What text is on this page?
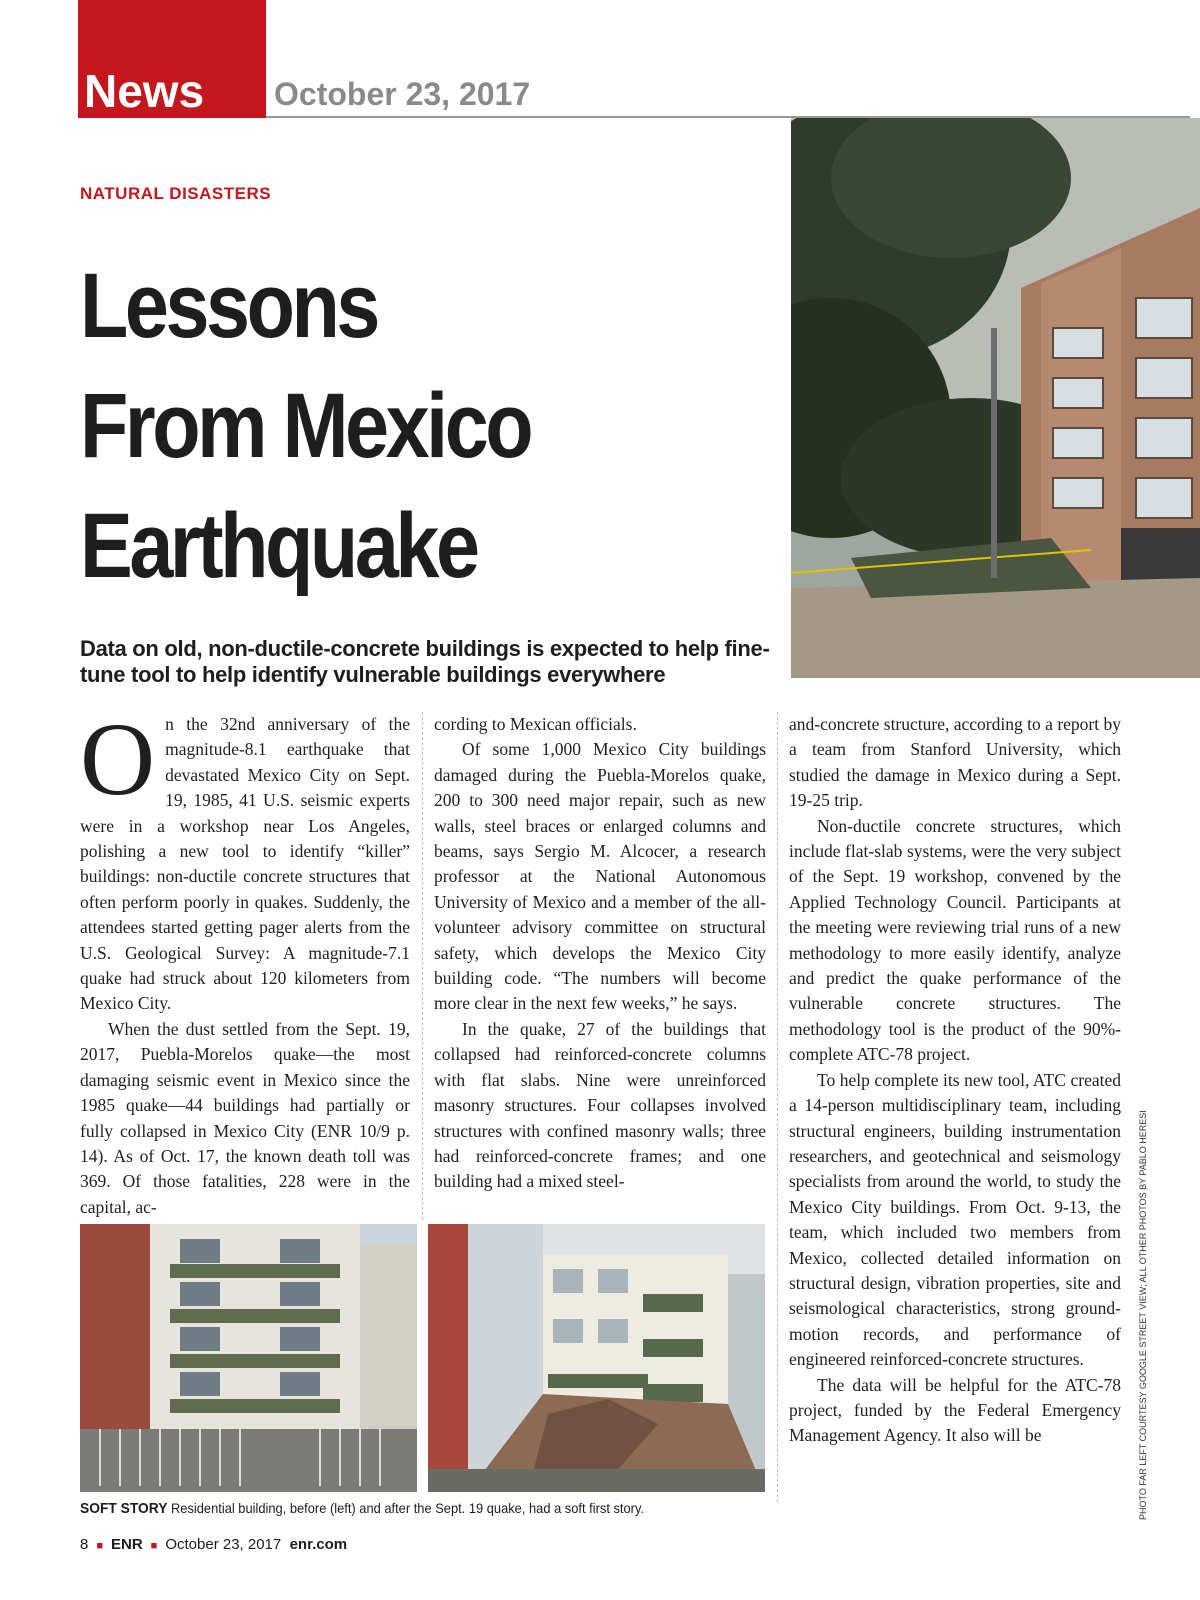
News October 23, 2017
NATURAL DISASTERS
Lessons
From Mexico
Earthquake
Data on old, non-ductile-concrete buildings is expected to help fine-tune tool to help identify vulnerable buildings everywhere
O n the 32nd anniversary of the magnitude-8.1 earthquake that devastated Mexico City on Sept. 19, 1985, 41 U.S. seismic experts were in a workshop near Los Angeles, polishing a new tool to identify “killer” buildings: non-ductile concrete structures that often perform poorly in quakes. Suddenly, the attendees started getting pager alerts from the U.S. Geological Survey: A magnitude-7.1 quake had struck about 120 kilometers from Mexico City.

When the dust settled from the Sept. 19, 2017, Puebla-Morelos quake—the most damaging seismic event in Mexico since the 1985 quake—44 buildings had partially or fully collapsed in Mexico City (ENR 10/9 p. 14). As of Oct. 17, the known death toll was 369. Of those fatalities, 228 were in the capital, ac-

cording to Mexican officials.

Of some 1,000 Mexico City buildings damaged during the Puebla-Morelos quake, 200 to 300 need major repair, such as new walls, steel braces or enlarged columns and beams, says Sergio M. Alcocer, a research professor at the National Autonomous University of Mexico and a member of the all-volunteer advisory committee on structural safety, which develops the Mexico City building code. “The numbers will become more clear in the next few weeks,” he says.

In the quake, 27 of the buildings that collapsed had reinforced-concrete columns with flat slabs. Nine were unreinforced masonry structures. Four collapses involved structures with confined masonry walls; three had reinforced-concrete frames; and one building had a mixed steel-

and-concrete structure, according to a report by a team from Stanford University, which studied the damage in Mexico during a Sept. 19-25 trip.

Non-ductile concrete structures, which include flat-slab systems, were the very subject of the Sept. 19 workshop, convened by the Applied Technology Council. Participants at the meeting were reviewing trial runs of a new methodology to more easily identify, analyze and predict the quake performance of the vulnerable concrete structures. The methodology tool is the product of the 90%-complete ATC-78 project.

To help complete its new tool, ATC created a 14-person multidisciplinary team, including structural engineers, building instrumentation researchers, and geotechnical and seismology specialists from around the world, to study the Mexico City buildings. From Oct. 9-13, the team, which included two members from Mexico, collected detailed information on structural design, vibration properties, site and seismological characteristics, strong ground-motion records, and performance of engineered reinforced-concrete structures.

The data will be helpful for the ATC-78 project, funded by the Federal Emergency Management Agency. It also will be

SOFT STORY Residential building, before (left) and after the Sept. 19 quake, had a soft first story.	PHOTO FAR LEFT COURTESY GOOGLE STREET VIEW; ALL OTHER PHOTOS BY PABLO HERESI
8 ■ ENR ■ October 23, 2017 enr.com
